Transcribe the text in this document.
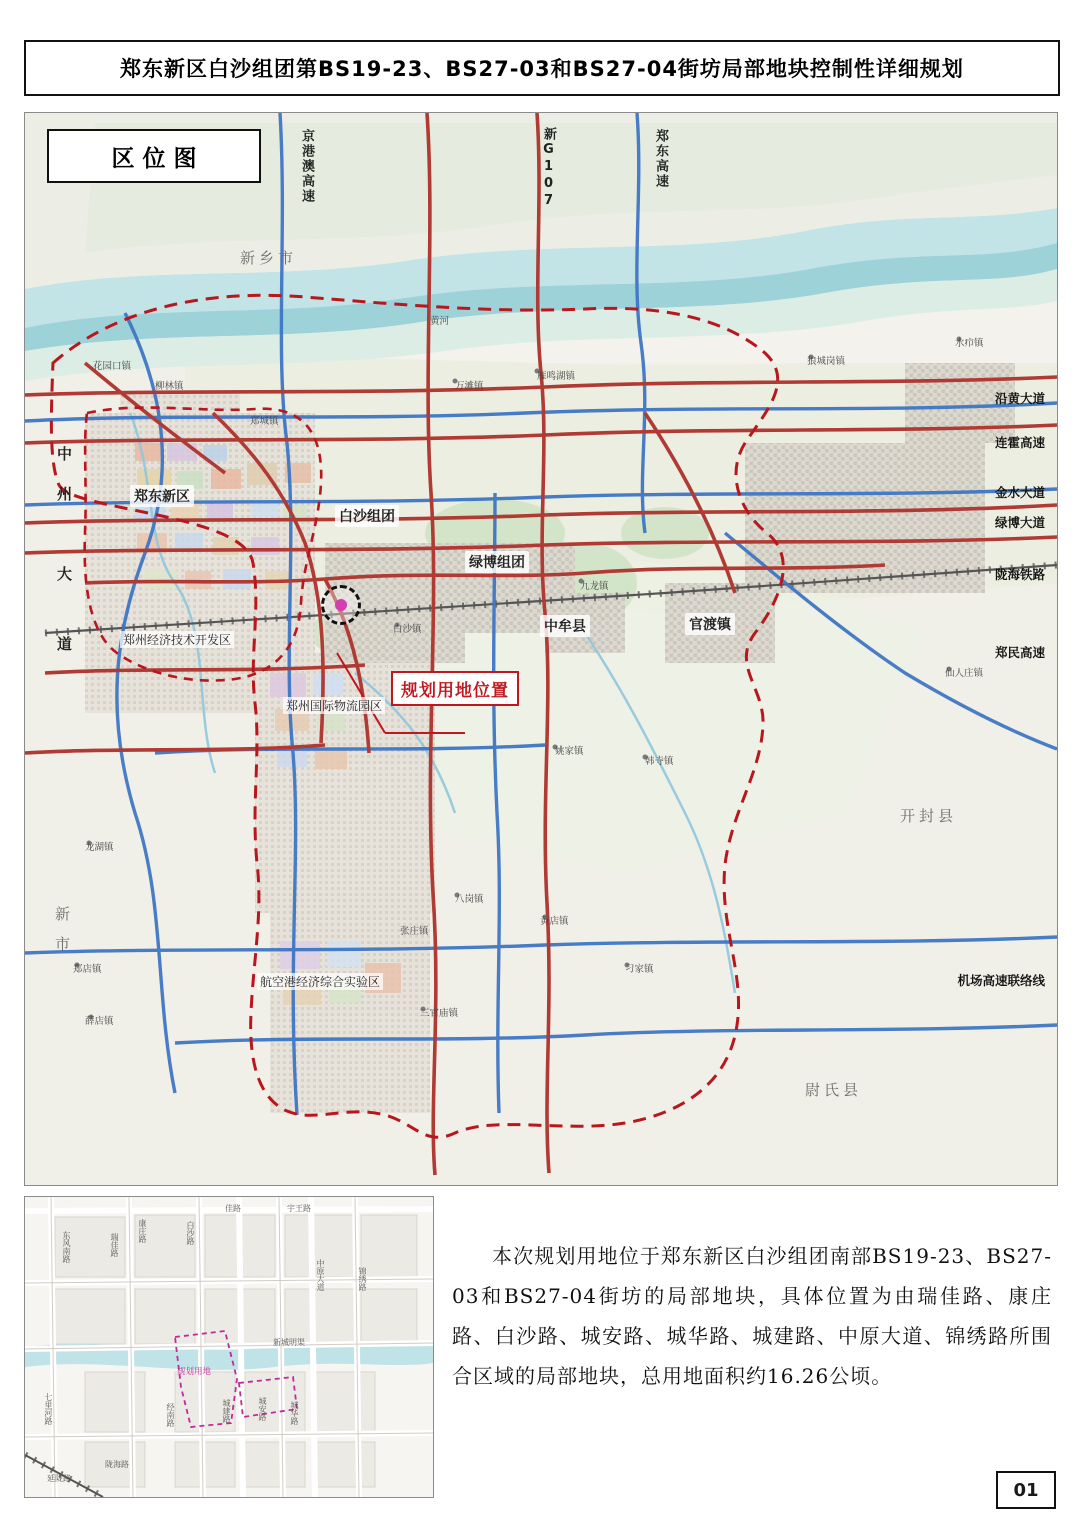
郑东新区白沙组团第BS19-23、BS27-03和BS27-04街坊局部地块控制性详细规划
区位图	京港澳高速	新G107	郑东高速
沿黄大道
连霍高速
金水大道
绿博大道
陇海铁路
郑民高速
机场高速联络线
中
州
大
道
新
市
郑东新区
白沙组团
绿博组团
中牟县	官渡镇
郑州经济技术开发区
郑州国际物流园区
航空港经济综合实验区
狼城岗镇
水疖镇
雁鸣湖镇
万滩镇
花园口镇
柳林镇
郑城镇
九龙镇
白沙镇
姚家镇
韩寺镇
八岗镇
张庄镇
黄店镇
刁家镇
三官庙镇
薛店镇
龙湖镇
郑店镇
仙人庄镇
开封县
尉氏县
新乡市
黄河
规划用地位置
宇王路
佳路
康庄路
瑞佳路
东风南路	白沙路
锦绣路
中原大道
新城明渠
城安路	城华路
城建路
七里河路	经南路
陇海路
延陇路
规划用地

本次规划用地位于郑东新区白沙组团南部BS19-23、BS27-03和BS27-04街坊的局部地块，具体位置为由瑞佳路、康庄路、白沙路、城安路、城华路、城建路、中原大道、锦绣路所围合区域的局部地块，总用地面积约16.26公顷。

01
